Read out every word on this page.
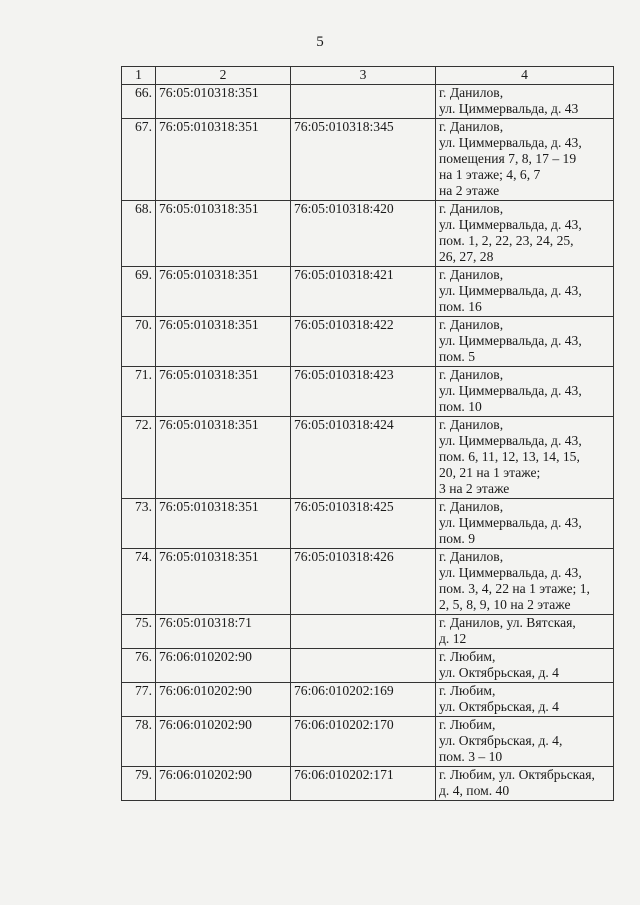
5
1	2	3	4
66.	76:05:010318:351		г. Данилов,
ул. Циммервальда, д. 43

67.	76:05:010318:351	76:05:010318:345	г. Данилов,
ул. Циммервальда, д. 43,
помещения 7, 8, 17 – 19
на 1 этаже; 4, 6, 7
на 2 этаже

68.	76:05:010318:351	76:05:010318:420	г. Данилов,
ул. Циммервальда, д. 43,
пом. 1, 2, 22, 23, 24, 25,
26, 27, 28

69.	76:05:010318:351	76:05:010318:421	г. Данилов,
ул. Циммервальда, д. 43,
пом. 16

70.	76:05:010318:351	76:05:010318:422	г. Данилов,
ул. Циммервальда, д. 43,
пом. 5

71.	76:05:010318:351	76:05:010318:423	г. Данилов,
ул. Циммервальда, д. 43,
пом. 10

72.	76:05:010318:351	76:05:010318:424	г. Данилов,
ул. Циммервальда, д. 43,
пом. 6, 11, 12, 13, 14, 15,
20, 21 на 1 этаже;
3 на 2 этаже

73.	76:05:010318:351	76:05:010318:425	г. Данилов,
ул. Циммервальда, д. 43,
пом. 9

74.	76:05:010318:351	76:05:010318:426	г. Данилов,
ул. Циммервальда, д. 43,
пом. 3, 4, 22 на 1 этаже; 1,
2, 5, 8, 9, 10 на 2 этаже

75.	76:05:010318:71		г. Данилов, ул. Вятская,
д. 12

76.	76:06:010202:90		г. Любим,
ул. Октябрьская, д. 4

77.	76:06:010202:90	76:06:010202:169	г. Любим,
ул. Октябрьская, д. 4

78.	76:06:010202:90	76:06:010202:170	г. Любим,
ул. Октябрьская, д. 4,
пом. 3 – 10

79.	76:06:010202:90	76:06:010202:171	г. Любим, ул. Октябрьская,
д. 4, пом. 40
